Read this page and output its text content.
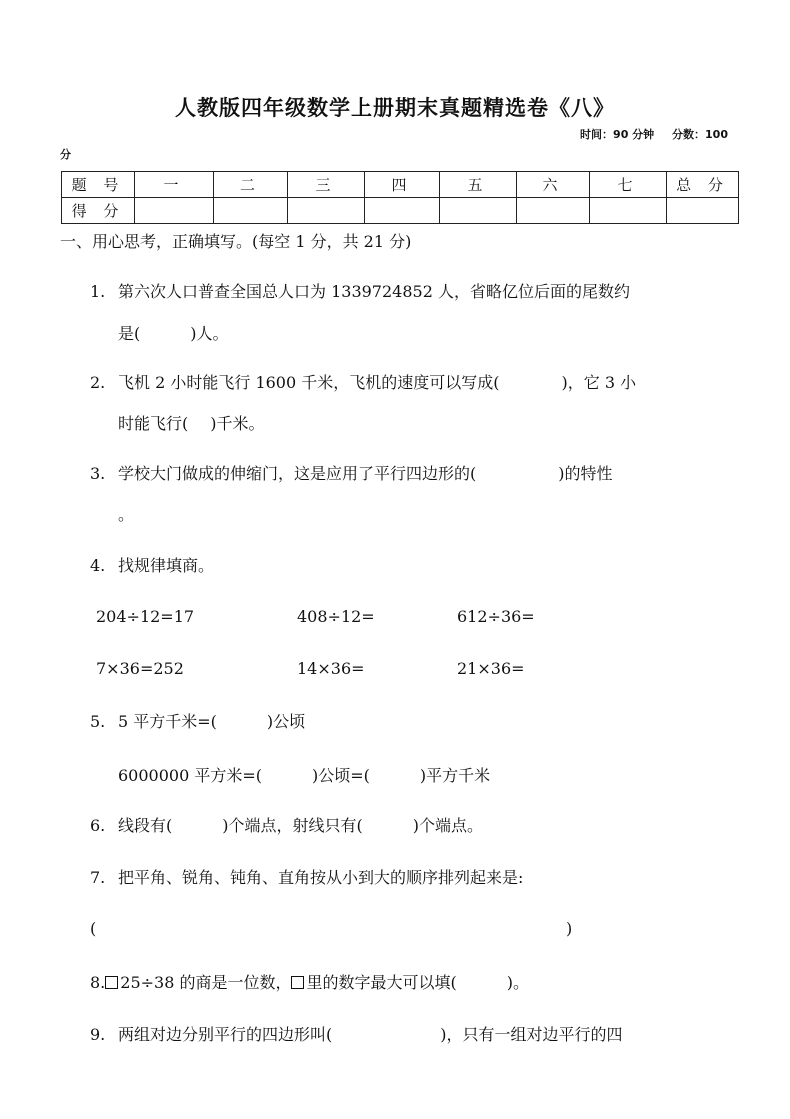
人教版四年级数学上册期末真题精选卷《八》
时间：90 分钟 分数：100
分
题 号	一	二	三	四	五	六	七	总 分
得 分								
一、用心思考，正确填写。(每空 1 分，共 21 分)
1. 第六次人口普查全国总人口为 1339724852 人，省略亿位后面的尾数约
是(	)人。
2. 飞机 2 小时能飞行 1600 千米，飞机的速度可以写成(	)，它 3 小
时能飞行( )千米。
3. 学校大门做成的伸缩门，这是应用了平行四边形的(	)的特性
。
4. 找规律填商。
204÷12=17	408÷12=	612÷36=
7×36=252	14×36=	21×36=
5. 5 平方千米=(	)公顷
6000000 平方米=(	)公顷=(	)平方千米
6. 线段有(	)个端点，射线只有(	)个端点。
7. 把平角、锐角、钝角、直角按从小到大的顺序排列起来是:
(	)
8. 25÷38 的商是一位数， 里的数字最大可以填(	)。
9. 两组对边分别平行的四边形叫(	)，只有一组对边平行的四
